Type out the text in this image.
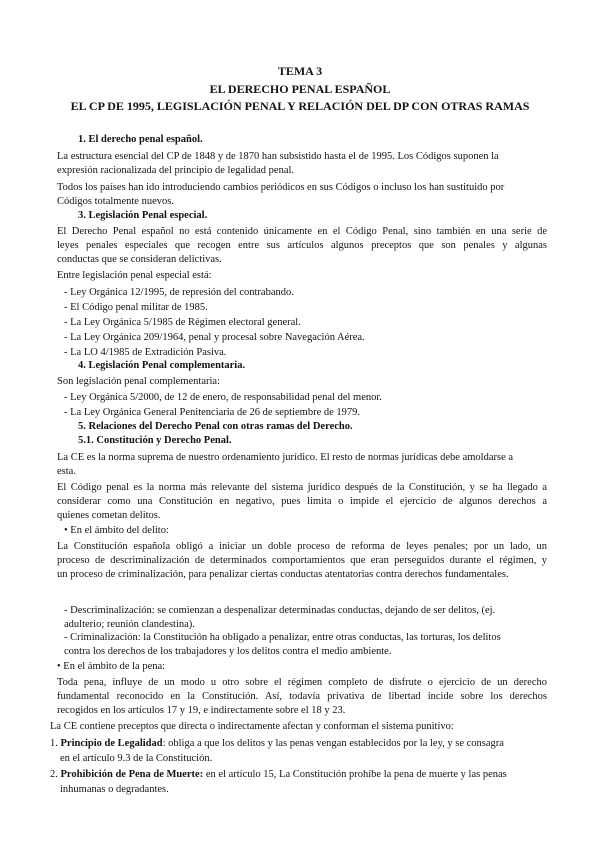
TEMA 3
EL DERECHO PENAL ESPAÑOL
EL CP DE 1995, LEGISLACIÓN PENAL Y RELACIÓN DEL DP CON OTRAS RAMAS
1. El derecho penal español.
La estructura esencial del CP de 1848 y de 1870 han subsistido hasta el de 1995. Los Códigos suponen la
expresión racionalizada del principio de legalidad penal.
Todos los países han ido introduciendo cambios periódicos en sus Códigos o incluso los han sustituido por
Códigos totalmente nuevos.
3. Legislación Penal especial.
El Derecho Penal español no está contenido únicamente en el Código Penal, sino también en una serie de
leyes penales especiales que recogen entre sus artículos algunos preceptos que son penales y algunas
conductas que se consideran delictivas.
Entre legislación penal especial está:
- Ley Orgánica 12/1995, de represión del contrabando.
- El Código penal militar de 1985.
- La Ley Orgánica 5/1985 de Régimen electoral general.
- La Ley Orgánica 209/1964, penal y procesal sobre Navegación Aérea.
- La LO 4/1985 de Extradición Pasiva.
4. Legislación Penal complementaria.
Son legislación penal complementaria:
- Ley Orgánica 5/2000, de 12 de enero, de responsabilidad penal del menor.
- La Ley Orgánica General Penitenciaria de 26 de septiembre de 1979.
5. Relaciones del Derecho Penal con otras ramas del Derecho.
5.1. Constitución y Derecho Penal.
La CE es la norma suprema de nuestro ordenamiento jurídico. El resto de normas jurídicas debe amoldarse a
esta.
El Código penal es la norma más relevante del sistema jurídico después de la Constitución, y se ha llegado a
considerar como una Constitución en negativo, pues limita o impide el ejercicio de algunos derechos a
quienes cometan delitos.
• En el ámbito del delito:
La Constitución española obligó a iniciar un doble proceso de reforma de leyes penales; por un lado, un
proceso de descriminalización de determinados comportamientos que eran perseguidos durante el régimen, y
un proceso de criminalización, para penalizar ciertas conductas atentatorias contra derechos fundamentales.
- Descriminalización: se comienzan a despenalizar determinadas conductas, dejando de ser delitos, (ej.
adulterio; reunión clandestina).
- Criminalización: la Constitución ha obligado a penalizar, entre otras conductas, las torturas, los delitos
contra los derechos de los trabajadores y los delitos contra el medio ambiente.
• En el ámbito de la pena:
Toda pena, influye de un modo u otro sobre el régimen completo de disfrute o ejercicio de un derecho
fundamental reconocido en la Constitución. Así, todavía privativa de libertad incide sobre los derechos
recogidos en los artículos 17 y 19, e indirectamente sobre el 18 y 23.
La CE contiene preceptos que directa o indirectamente afectan y conforman el sistema punitivo:
1. Principio de Legalidad: obliga a que los delitos y las penas vengan establecidos por la ley, y se consagra
en el artículo 9.3 de la Constitución.
2. Prohibición de Pena de Muerte: en el artículo 15, La Constitución prohíbe la pena de muerte y las penas
inhumanas o degradantes.
